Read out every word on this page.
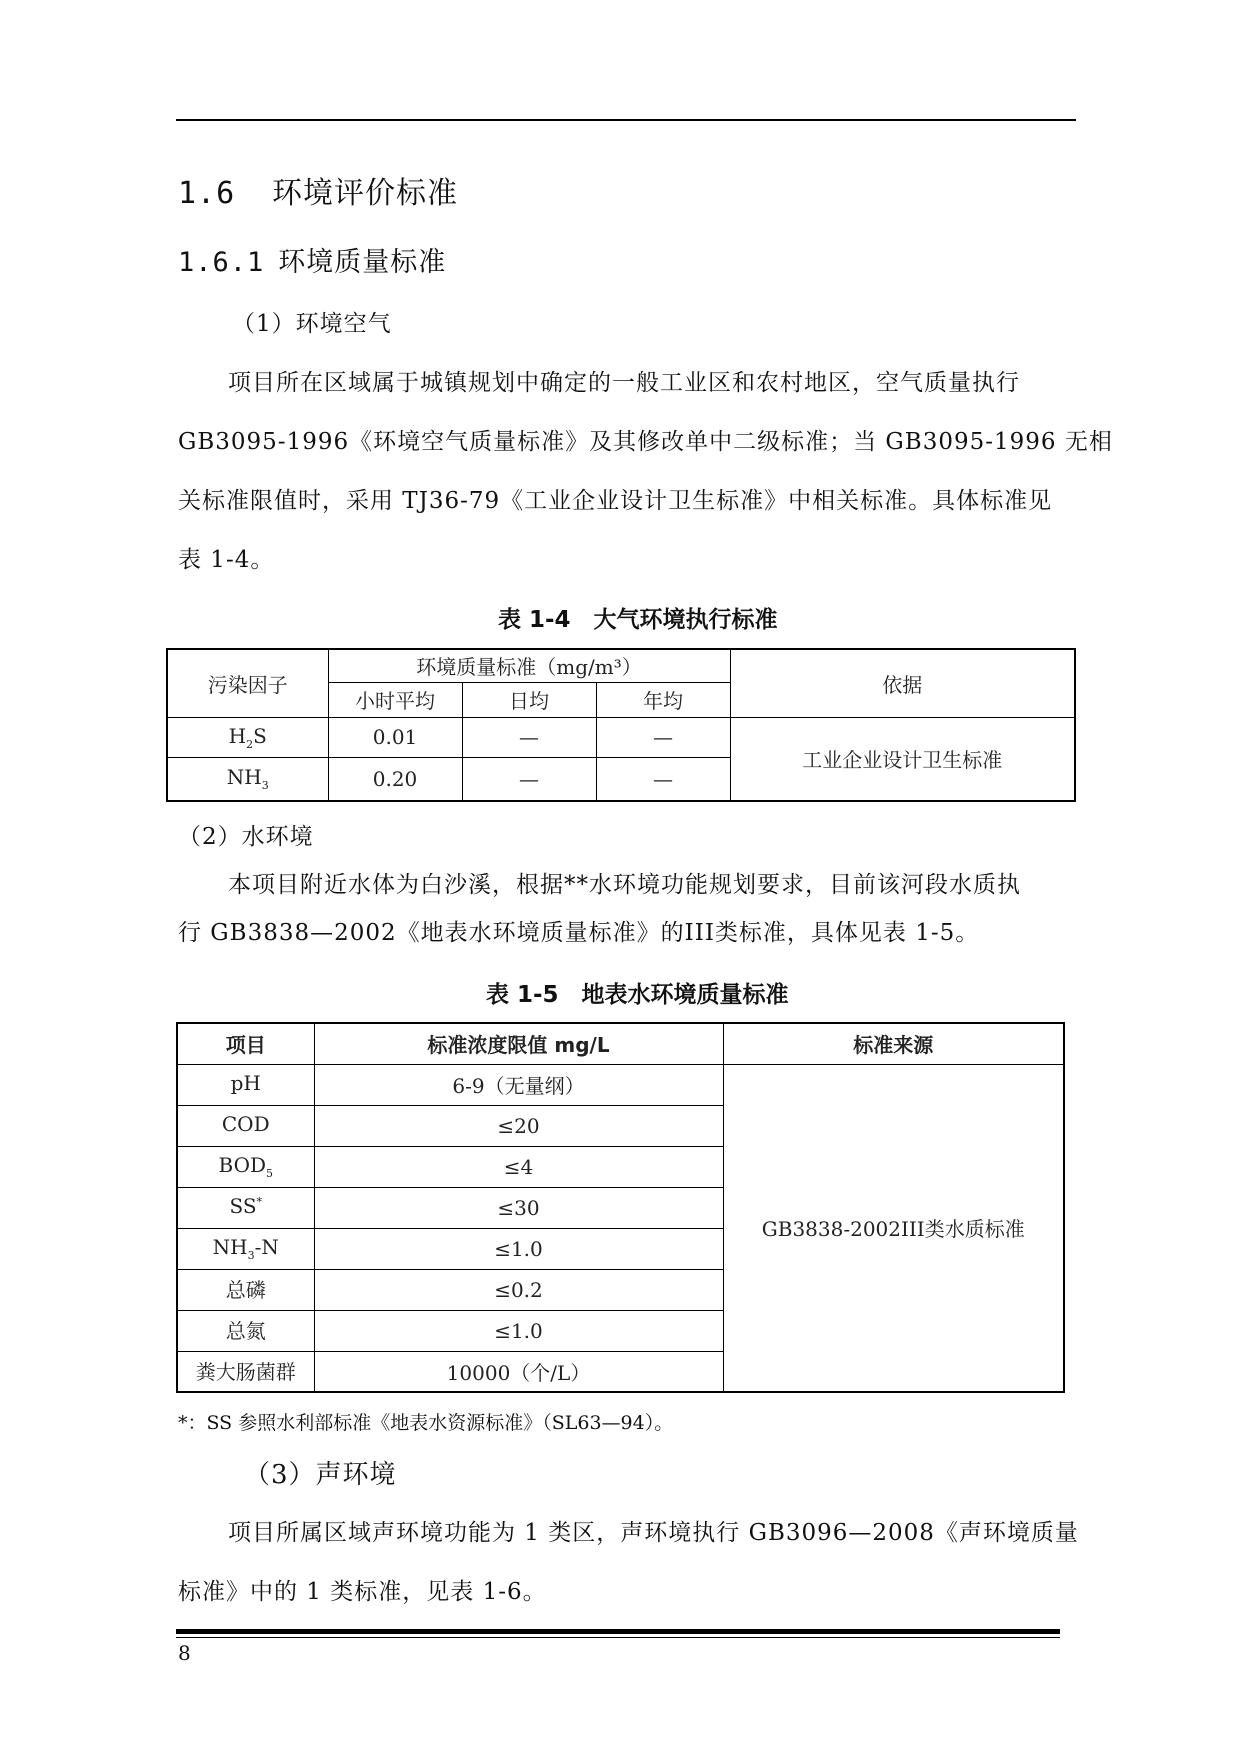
1.6 环境评价标准
1.6.1 环境质量标准
（1）环境空气
项目所在区域属于城镇规划中确定的一般工业区和农村地区，空气质量执行
GB3095-1996《环境空气质量标准》及其修改单中二级标准；当 GB3095-1996 无相
关标准限值时，采用 TJ36-79《工业企业设计卫生标准》中相关标准。具体标准见
表 1-4。
表 1-4　大气环境执行标准
污染因子	环境质量标准（mg/m³）			依据
	小时平均	日均	年均	
$H_2S$	0.01	—	—	工业企业设计卫生标准
$NH_3$	0.20	—	—	
（2）水环境
本项目附近水体为白沙溪，根据**水环境功能规划要求，目前该河段水质执
行 GB3838—2002《地表水环境质量标准》的III类标准，具体见表 1-5。
表 1-5　地表水环境质量标准
项目	标准浓度限值 mg/L	标准来源
pH	6-9（无量纲）	GB3838-2002III类水质标准
COD	≤20	
$BOD_5$	≤4	
SS*	≤30	
$NH_3-N$	≤1.0	
总磷	≤0.2	
总氮	≤1.0	
粪大肠菌群	10000（个/L）	
*：SS 参照水利部标准《地表水资源标准》（SL63—94）。
（3）声环境
项目所属区域声环境功能为 1 类区，声环境执行 GB3096—2008《声环境质量
标准》中的 1 类标准，见表 1-6。
8
